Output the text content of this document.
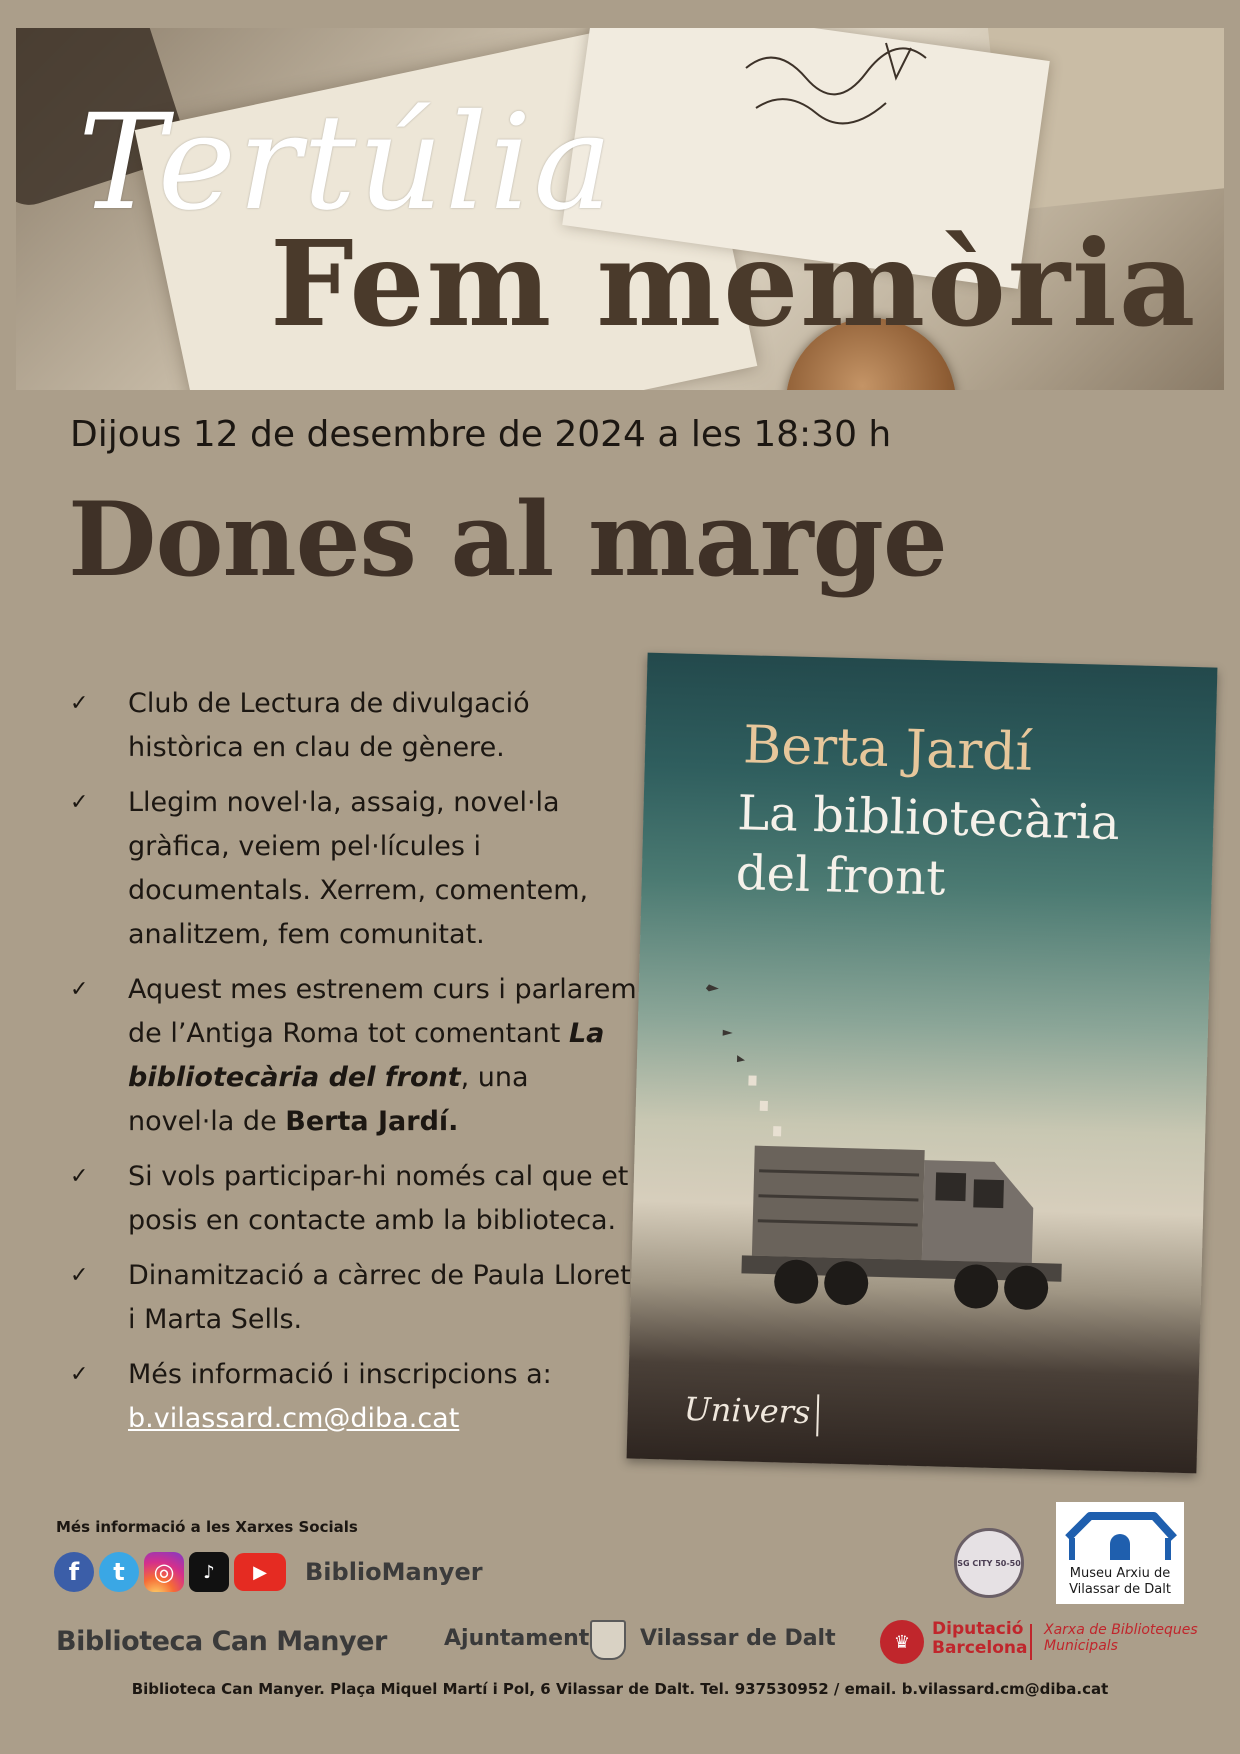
Tertúlia
Fem memòria
Dijous 12 de desembre de 2024 a les 18:30 h
Dones al marge
✓ Club de Lectura de divulgació històrica en clau de gènere.
✓ Llegim novel·la, assaig, novel·la gràfica, veiem pel·lícules i documentals. Xerrem, comentem, analitzem, fem comunitat.
✓ Aquest mes estrenem curs i parlarem de l’Antiga Roma tot comentant La bibliotecària del front, una novel·la de Berta Jardí.
✓ Si vols participar-hi només cal que et posis en contacte amb la biblioteca.
✓ Dinamització a càrrec de Paula Lloret i Marta Sells.
✓ Més informació i inscripcions a:
b.vilassard.cm@diba.cat
Berta Jardí
La bibliotecària
del front
Univers
Més informació a les Xarxes Socials
f	t	◎	♪	▶	BiblioManyer	SG CITY 50-50
Museu Arxiu de
Vilassar de Dalt
Biblioteca Can Manyer	Ajuntament Vilassar de Dalt	♛
Diputació
Barcelona
Xarxa de Biblioteques
Municipals
Biblioteca Can Manyer. Plaça Miquel Martí i Pol, 6 Vilassar de Dalt. Tel. 937530952 / email. b.vilassard.cm@diba.cat
